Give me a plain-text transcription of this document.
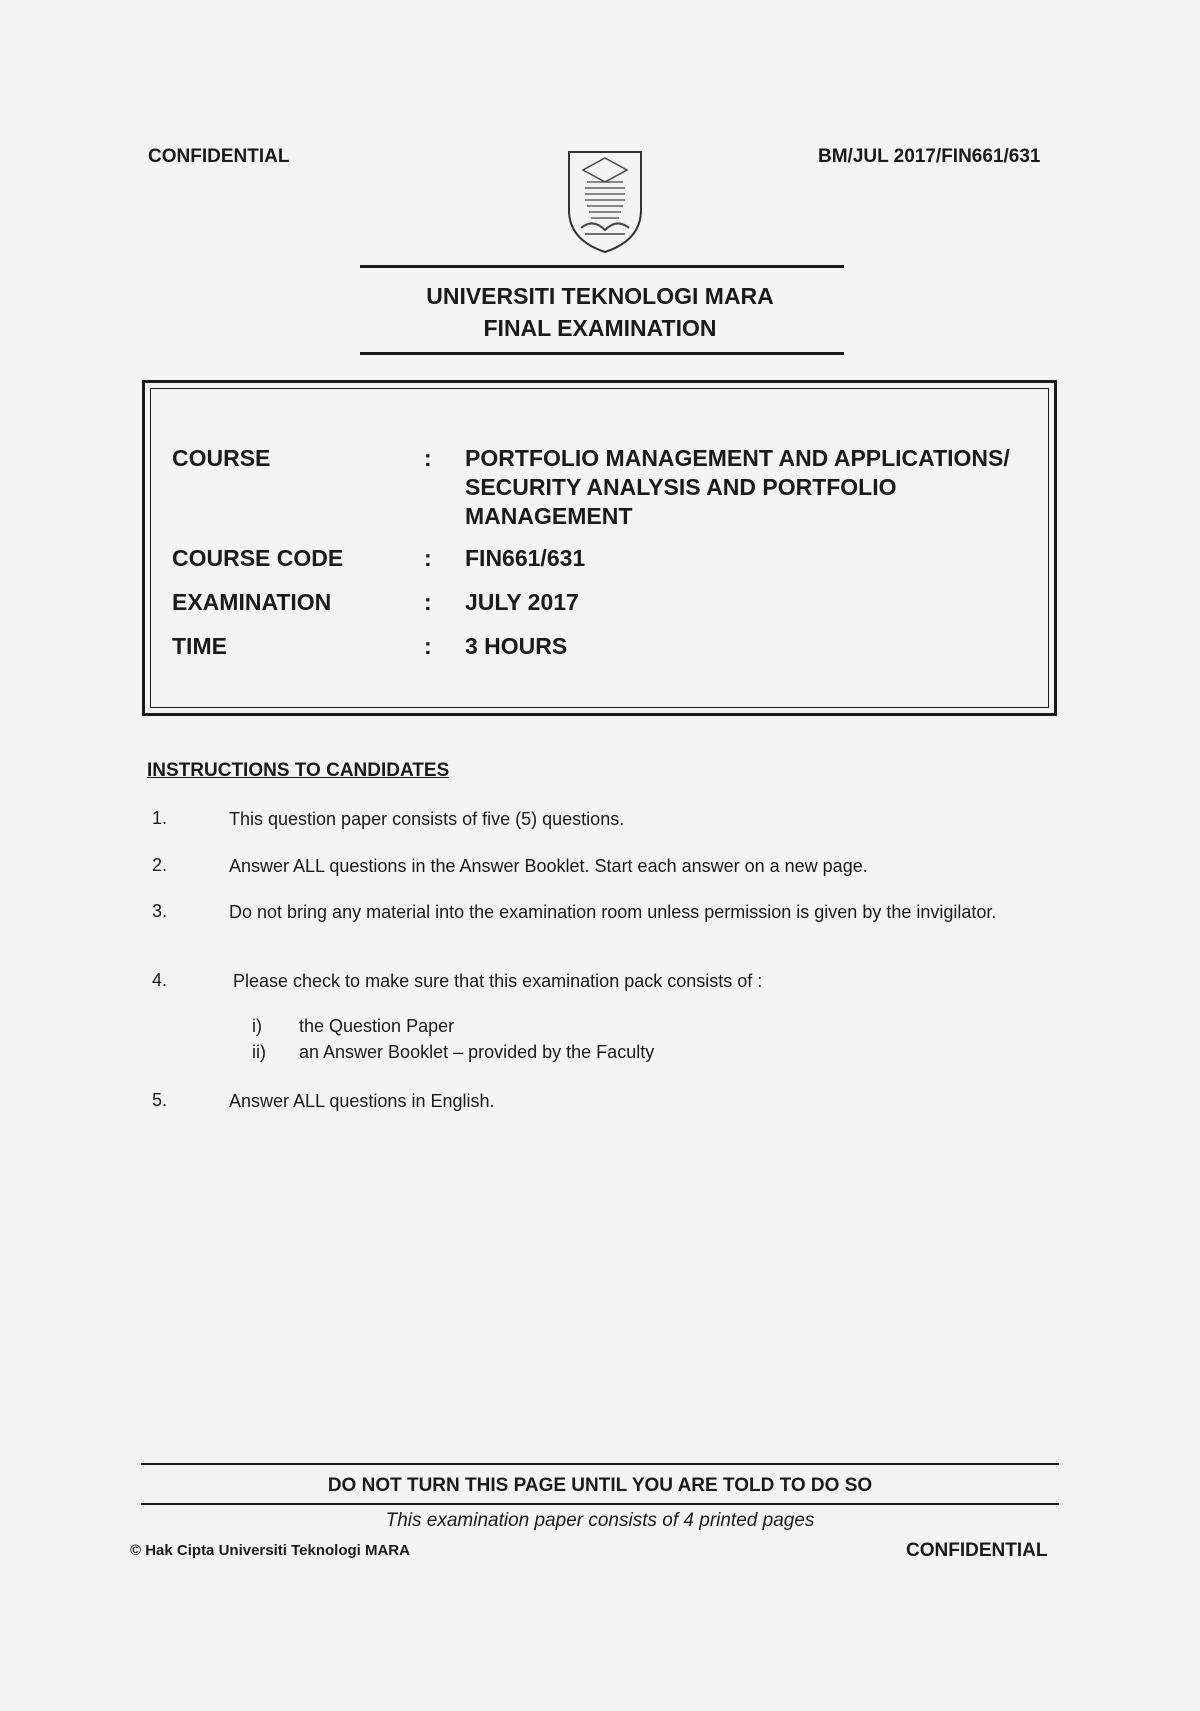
CONFIDENTIAL	BM/JUL 2017/FIN661/631
UNIVERSITI TEKNOLOGI MARA
FINAL EXAMINATION
COURSE	: PORTFOLIO MANAGEMENT AND APPLICATIONS/ SECURITY ANALYSIS AND PORTFOLIO MANAGEMENT
COURSE CODE	: FIN661/631
EXAMINATION	: JULY 2017
TIME	: 3 HOURS
INSTRUCTIONS TO CANDIDATES
1.	This question paper consists of five (5) questions.
2.	Answer ALL questions in the Answer Booklet. Start each answer on a new page.
3.	Do not bring any material into the examination room unless permission is given by the invigilator.
4.	Please check to make sure that this examination pack consists of :
i) the Question Paper
ii) an Answer Booklet – provided by the Faculty
5.	Answer ALL questions in English.
DO NOT TURN THIS PAGE UNTIL YOU ARE TOLD TO DO SO
This examination paper consists of 4 printed pages
© Hak Cipta Universiti Teknologi MARA	CONFIDENTIAL
